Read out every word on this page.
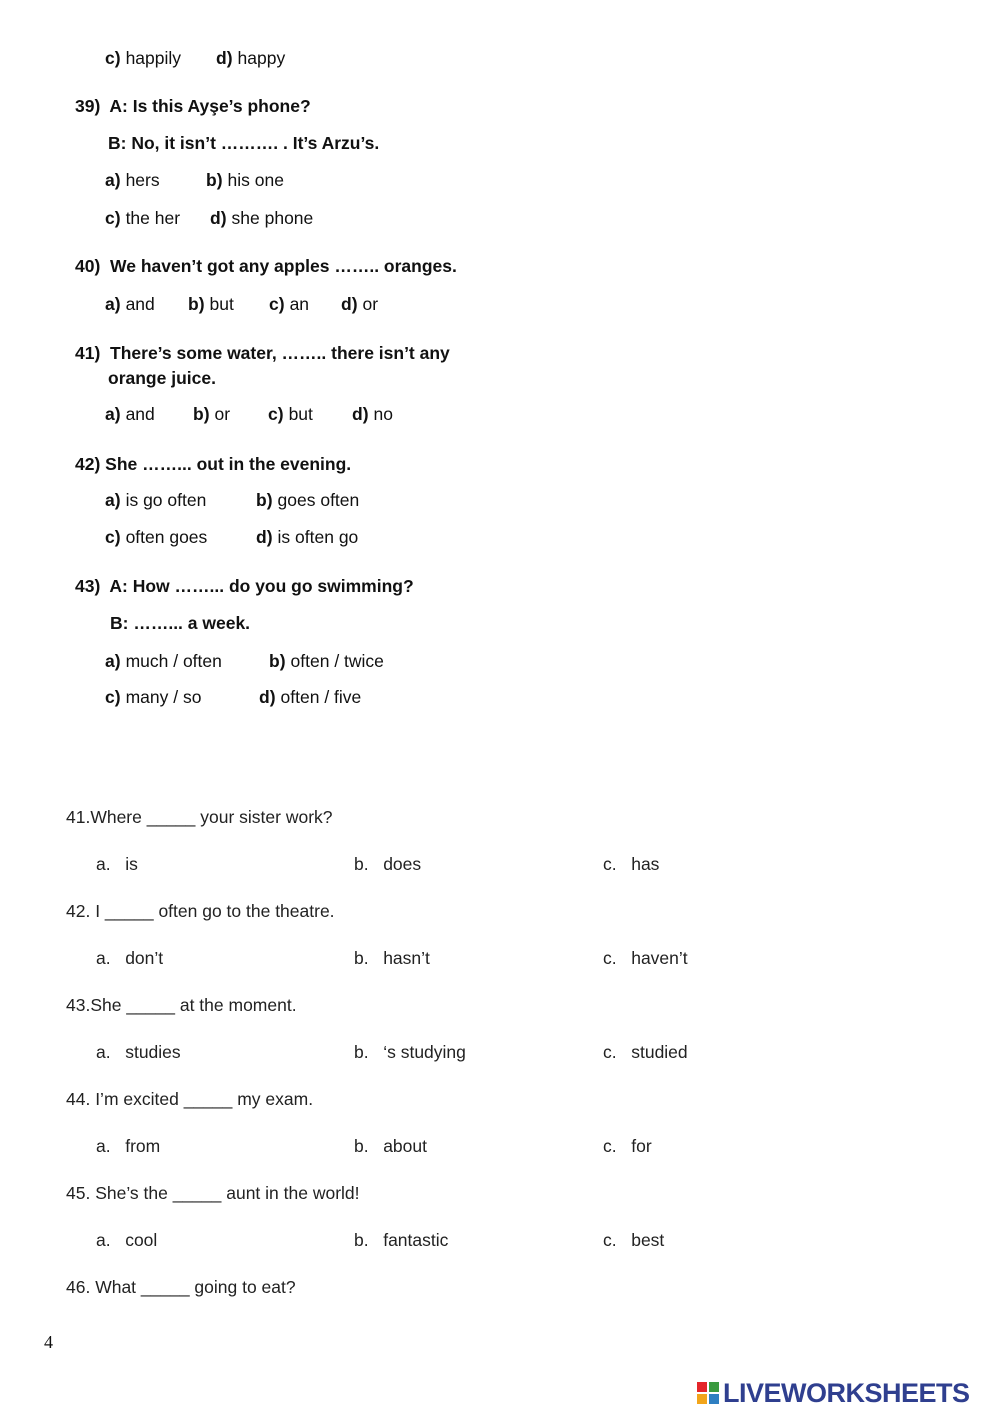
c) happily d) happy
39) A: Is this Ayşe’s phone?
B: No, it isn’t ………. . It’s Arzu’s.
a) hers	b) his one
c) the her d) she phone
40) We haven’t got any apples …….. oranges.
a) and b) but c) an d) or
41) There’s some water, …….. there isn’t any
orange juice.
a) and b) or c) but d) no
42) She ……... out in the evening.
a) is go often	b) goes often
c) often goes	d) is often go
43) A: How ……... do you go swimming?
B: ……... a week.
a) much / often	b) often / twice
c) many / so	d) often / five
41.Where _____ your sister work?
a. is	b. does	c. has
42. I _____ often go to the theatre.
a. don’t	b. hasn’t	c. haven’t
43.She _____ at the moment.
a. studies	b. ‘s studying	c. studied
44. I’m excited _____ my exam.
a. from	b. about	c. for
45. She’s the _____ aunt in the world!
a. cool	b. fantastic	c. best
46. What _____ going to eat?
4
LIVEWORKSHEETS
